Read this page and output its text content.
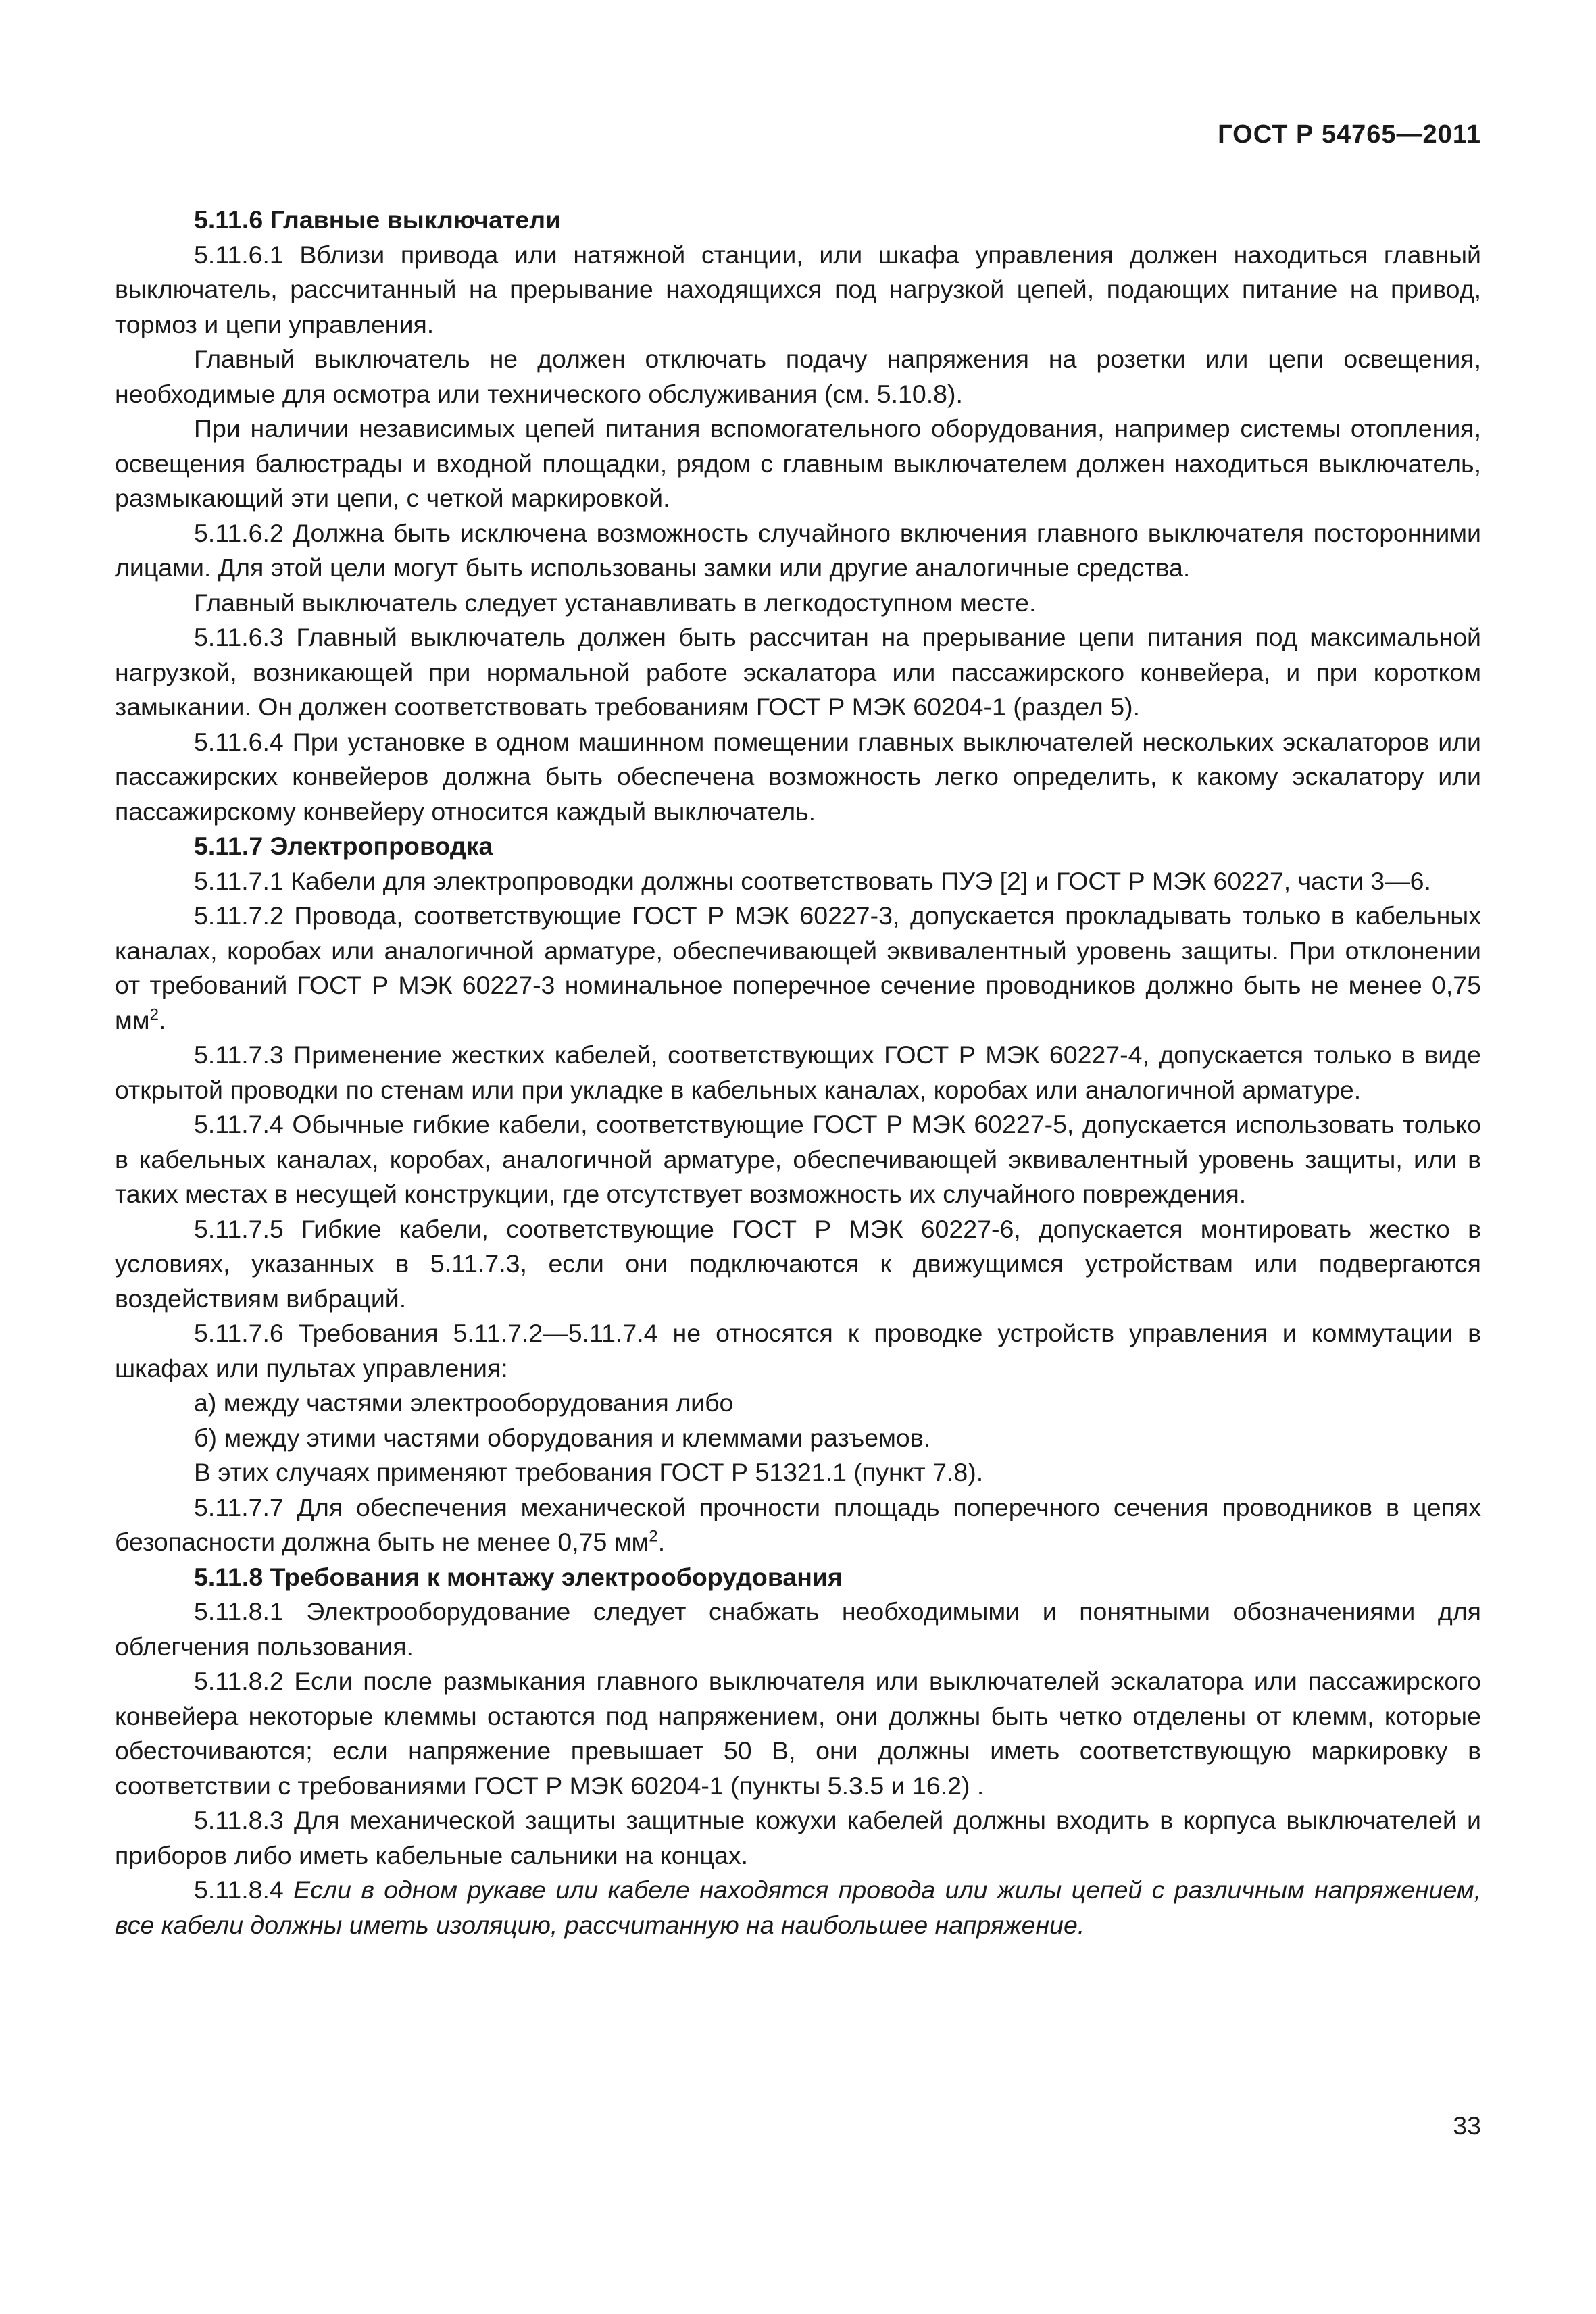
ГОСТ Р 54765—2011

5.11.6 Главные выключатели

5.11.6.1 Вблизи привода или натяжной станции, или шкафа управления должен находиться главный выключатель, рассчитанный на прерывание находящихся под нагрузкой цепей, подающих питание на привод, тормоз и цепи управления.

Главный выключатель не должен отключать подачу напряжения на розетки или цепи освещения, необходимые для осмотра или технического обслуживания (см. 5.10.8).

При наличии независимых цепей питания вспомогательного оборудования, например системы отопления, освещения балюстрады и входной площадки, рядом с главным выключателем должен находиться выключатель, размыкающий эти цепи, с четкой маркировкой.

5.11.6.2 Должна быть исключена возможность случайного включения главного выключателя посторонними лицами. Для этой цели могут быть использованы замки или другие аналогичные средства.

Главный выключатель следует устанавливать в легкодоступном месте.

5.11.6.3 Главный выключатель должен быть рассчитан на прерывание цепи питания под максимальной нагрузкой, возникающей при нормальной работе эскалатора или пассажирского конвейера, и при коротком замыкании. Он должен соответствовать требованиям ГОСТ Р МЭК 60204-1 (раздел 5).

5.11.6.4 При установке в одном машинном помещении главных выключателей нескольких эскалаторов или пассажирских конвейеров должна быть обеспечена возможность легко определить, к какому эскалатору или пассажирскому конвейеру относится каждый выключатель.

5.11.7 Электропроводка

5.11.7.1 Кабели для электропроводки должны соответствовать ПУЭ [2] и ГОСТ Р МЭК 60227, части 3—6.

5.11.7.2 Провода, соответствующие ГОСТ Р МЭК 60227-3, допускается прокладывать только в кабельных каналах, коробах или аналогичной арматуре, обеспечивающей эквивалентный уровень защиты. При отклонении от требований ГОСТ Р МЭК 60227-3 номинальное поперечное сечение проводников должно быть не менее 0,75 $мм^2$.

5.11.7.3 Применение жестких кабелей, соответствующих ГОСТ Р МЭК 60227-4, допускается только в виде открытой проводки по стенам или при укладке в кабельных каналах, коробах или аналогичной арматуре.

5.11.7.4 Обычные гибкие кабели, соответствующие ГОСТ Р МЭК 60227-5, допускается использовать только в кабельных каналах, коробах, аналогичной арматуре, обеспечивающей эквивалентный уровень защиты, или в таких местах в несущей конструкции, где отсутствует возможность их случайного повреждения.

5.11.7.5 Гибкие кабели, соответствующие ГОСТ Р МЭК 60227-6, допускается монтировать жестко в условиях, указанных в 5.11.7.3, если они подключаются к движущимся устройствам или подвергаются воздействиям вибраций.

5.11.7.6 Требования 5.11.7.2—5.11.7.4 не относятся к проводке устройств управления и коммутации в шкафах или пультах управления:

а) между частями электрооборудования либо

б) между этими частями оборудования и клеммами разъемов.

В этих случаях применяют требования ГОСТ Р 51321.1 (пункт 7.8).

5.11.7.7 Для обеспечения механической прочности площадь поперечного сечения проводников в цепях безопасности должна быть не менее 0,75 $мм^2$.

5.11.8 Требования к монтажу электрооборудования

5.11.8.1 Электрооборудование следует снабжать необходимыми и понятными обозначениями для облегчения пользования.

5.11.8.2 Если после размыкания главного выключателя или выключателей эскалатора или пассажирского конвейера некоторые клеммы остаются под напряжением, они должны быть четко отделены от клемм, которые обесточиваются; если напряжение превышает 50 В, они должны иметь соответствующую маркировку в соответствии с требованиями ГОСТ Р МЭК 60204-1 (пункты 5.3.5 и 16.2) .

5.11.8.3 Для механической защиты защитные кожухи кабелей должны входить в корпуса выключателей и приборов либо иметь кабельные сальники на концах.

5.11.8.4 Если в одном рукаве или кабеле находятся провода или жилы цепей с различным напряжением, все кабели должны иметь изоляцию, рассчитанную на наибольшее напряжение.

33
